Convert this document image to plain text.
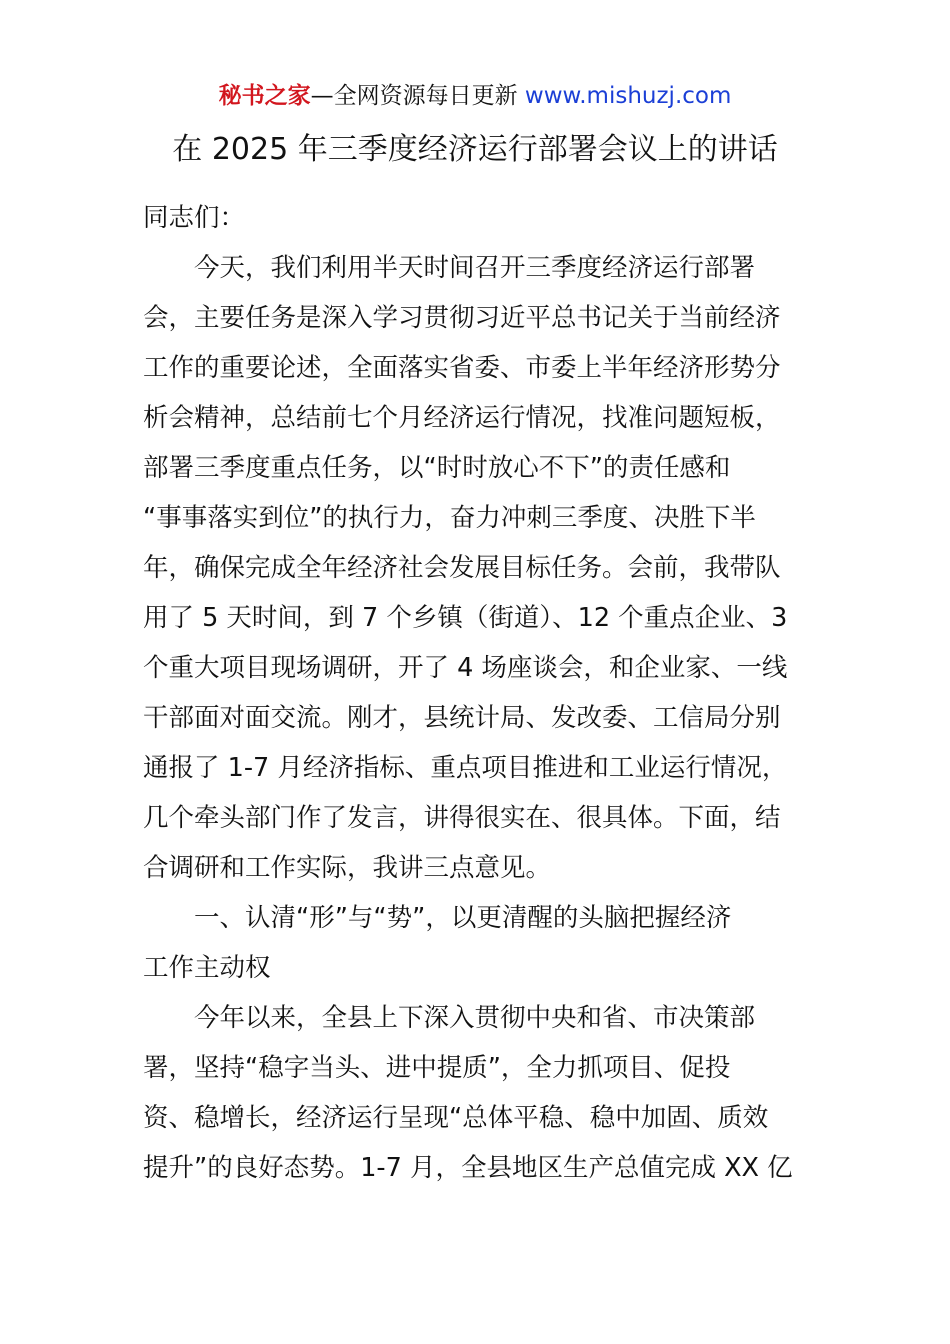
秘书之家—全网资源每日更新 www.mishuzj.com
在 2025 年三季度经济运行部署会议上的讲话

同志们：

　　今天，我们利用半天时间召开三季度经济运行部署

会，主要任务是深入学习贯彻习近平总书记关于当前经济

工作的重要论述，全面落实省委、市委上半年经济形势分

析会精神，总结前七个月经济运行情况，找准问题短板，

部署三季度重点任务，以“时时放心不下”的责任感和

“事事落实到位”的执行力，奋力冲刺三季度、决胜下半

年，确保完成全年经济社会发展目标任务。会前，我带队

用了 5 天时间，到 7 个乡镇（街道）、12 个重点企业、3

个重大项目现场调研，开了 4 场座谈会，和企业家、一线

干部面对面交流。刚才，县统计局、发改委、工信局分别

通报了 1-7 月经济指标、重点项目推进和工业运行情况，

几个牵头部门作了发言，讲得很实在、很具体。下面，结

合调研和工作实际，我讲三点意见。

　　一、认清“形”与“势”，以更清醒的头脑把握经济

工作主动权

　　今年以来，全县上下深入贯彻中央和省、市决策部

署，坚持“稳字当头、进中提质”，全力抓项目、促投

资、稳增长，经济运行呈现“总体平稳、稳中加固、质效

提升”的良好态势。1-7 月，全县地区生产总值完成 XX 亿
